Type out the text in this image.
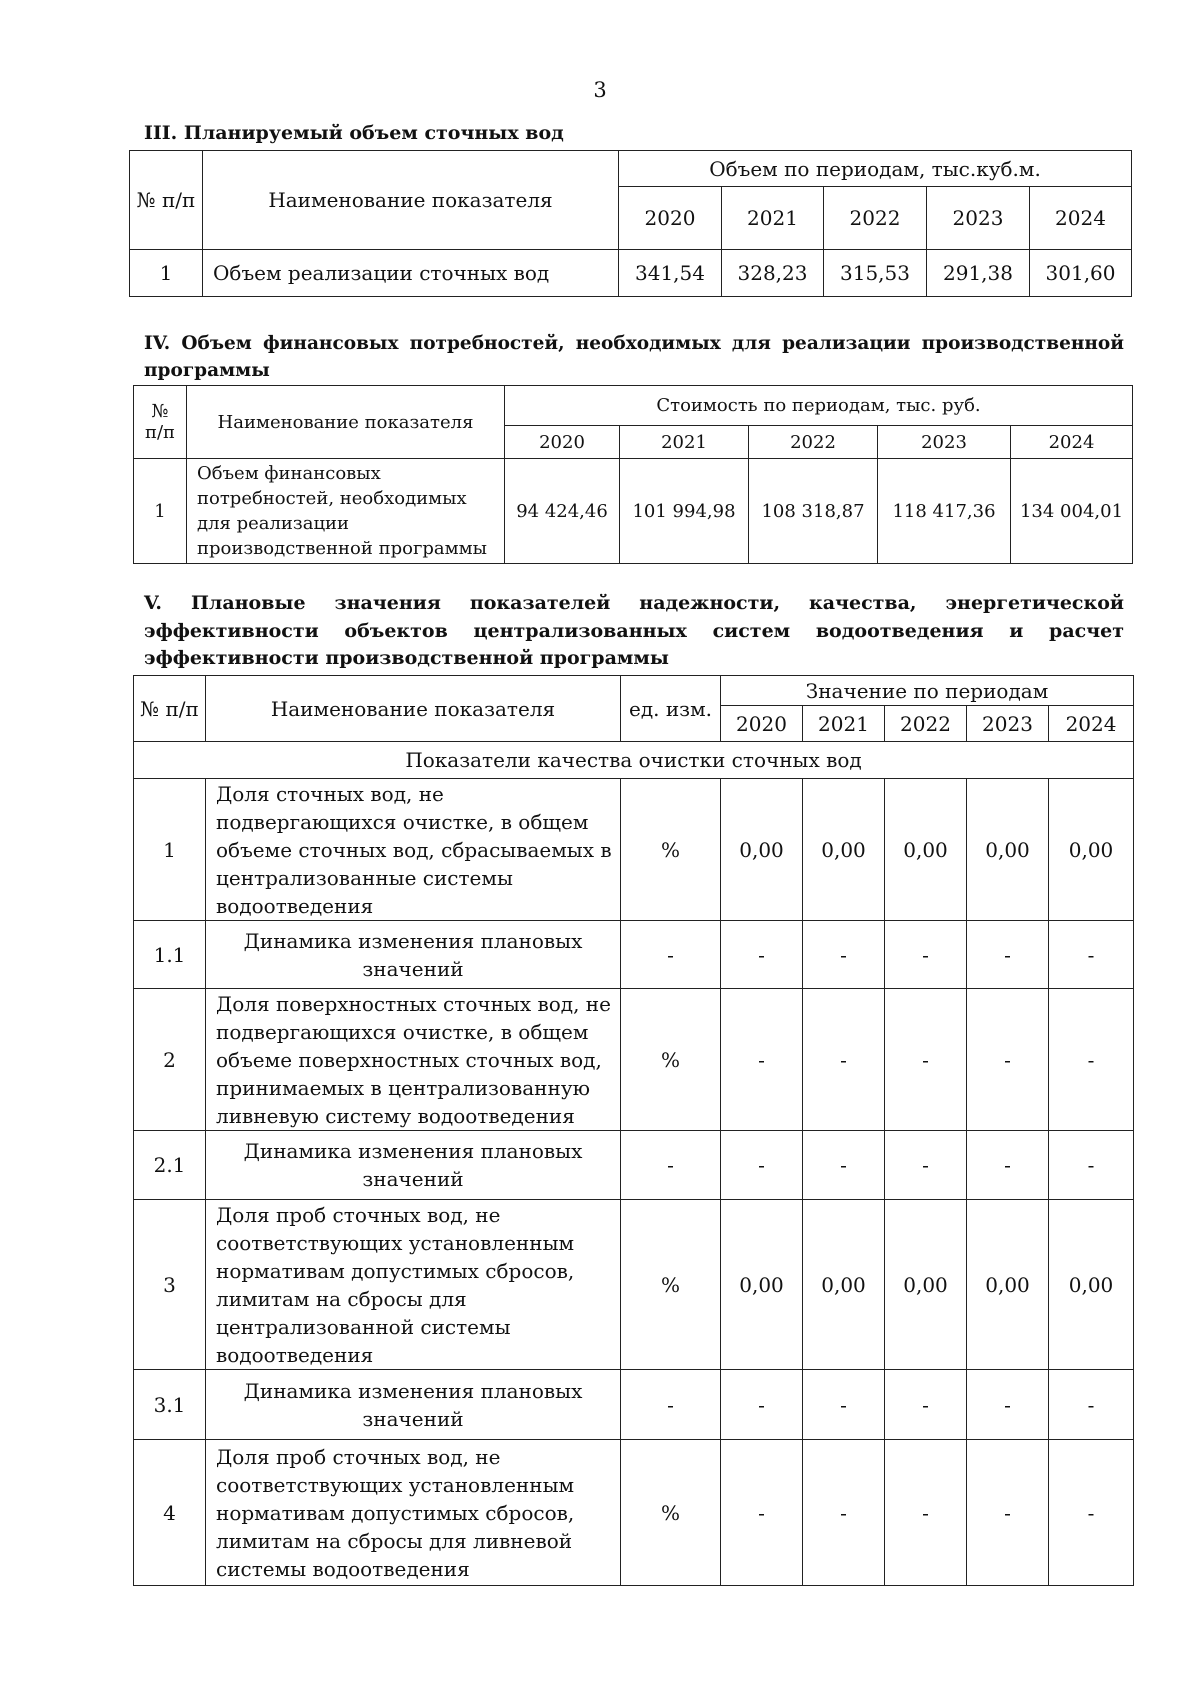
3
III. Планируемый объем сточных вод
№ п/п	Наименование показателя	Объем по периодам, тыс.куб.м.				
		2020	2021	2022	2023	2024
1	Объем реализации сточных вод	341,54	328,23	315,53	291,38	301,60
IV. Объем финансовых потребностей, необходимых для реализации производственной

программы
№ п/п	Наименование показателя	Стоимость по периодам, тыс. руб.				
		2020	2021	2022	2023	2024
1	Объем финансовых потребностей, необходимых для реализации производственной программы	94 424,46	101 994,98	108 318,87	118 417,36	134 004,01
V. Плановые значения показателей надежности, качества, энергетической
эффективности объектов централизованных систем водоотведения и расчет

эффективности производственной программы
№ п/п	Наименование показателя	ед. изм.	Значение по периодам				
			2020	2021	2022	2023	2024
Показатели качества очистки сточных вод							
1	Доля сточных вод, не подвергающихся очистке, в общем объеме сточных вод, сбрасываемых в централизованные системы водоотведения	%	0,00	0,00	0,00	0,00	0,00
1.1	Динамика изменения плановых значений	-	-	-	-	-	-
2	Доля поверхностных сточных вод, не подвергающихся очистке, в общем объеме поверхностных сточных вод, принимаемых в централизованную ливневую систему водоотведения	%	-	-	-	-	-
2.1	Динамика изменения плановых значений	-	-	-	-	-	-
3	Доля проб сточных вод, не соответствующих установленным нормативам допустимых сбросов, лимитам на сбросы для централизованной системы водоотведения	%	0,00	0,00	0,00	0,00	0,00
3.1	Динамика изменения плановых значений	-	-	-	-	-	-
4	Доля проб сточных вод, не соответствующих установленным нормативам допустимых сбросов, лимитам на сбросы для ливневой системы водоотведения	%	-	-	-	-	-
